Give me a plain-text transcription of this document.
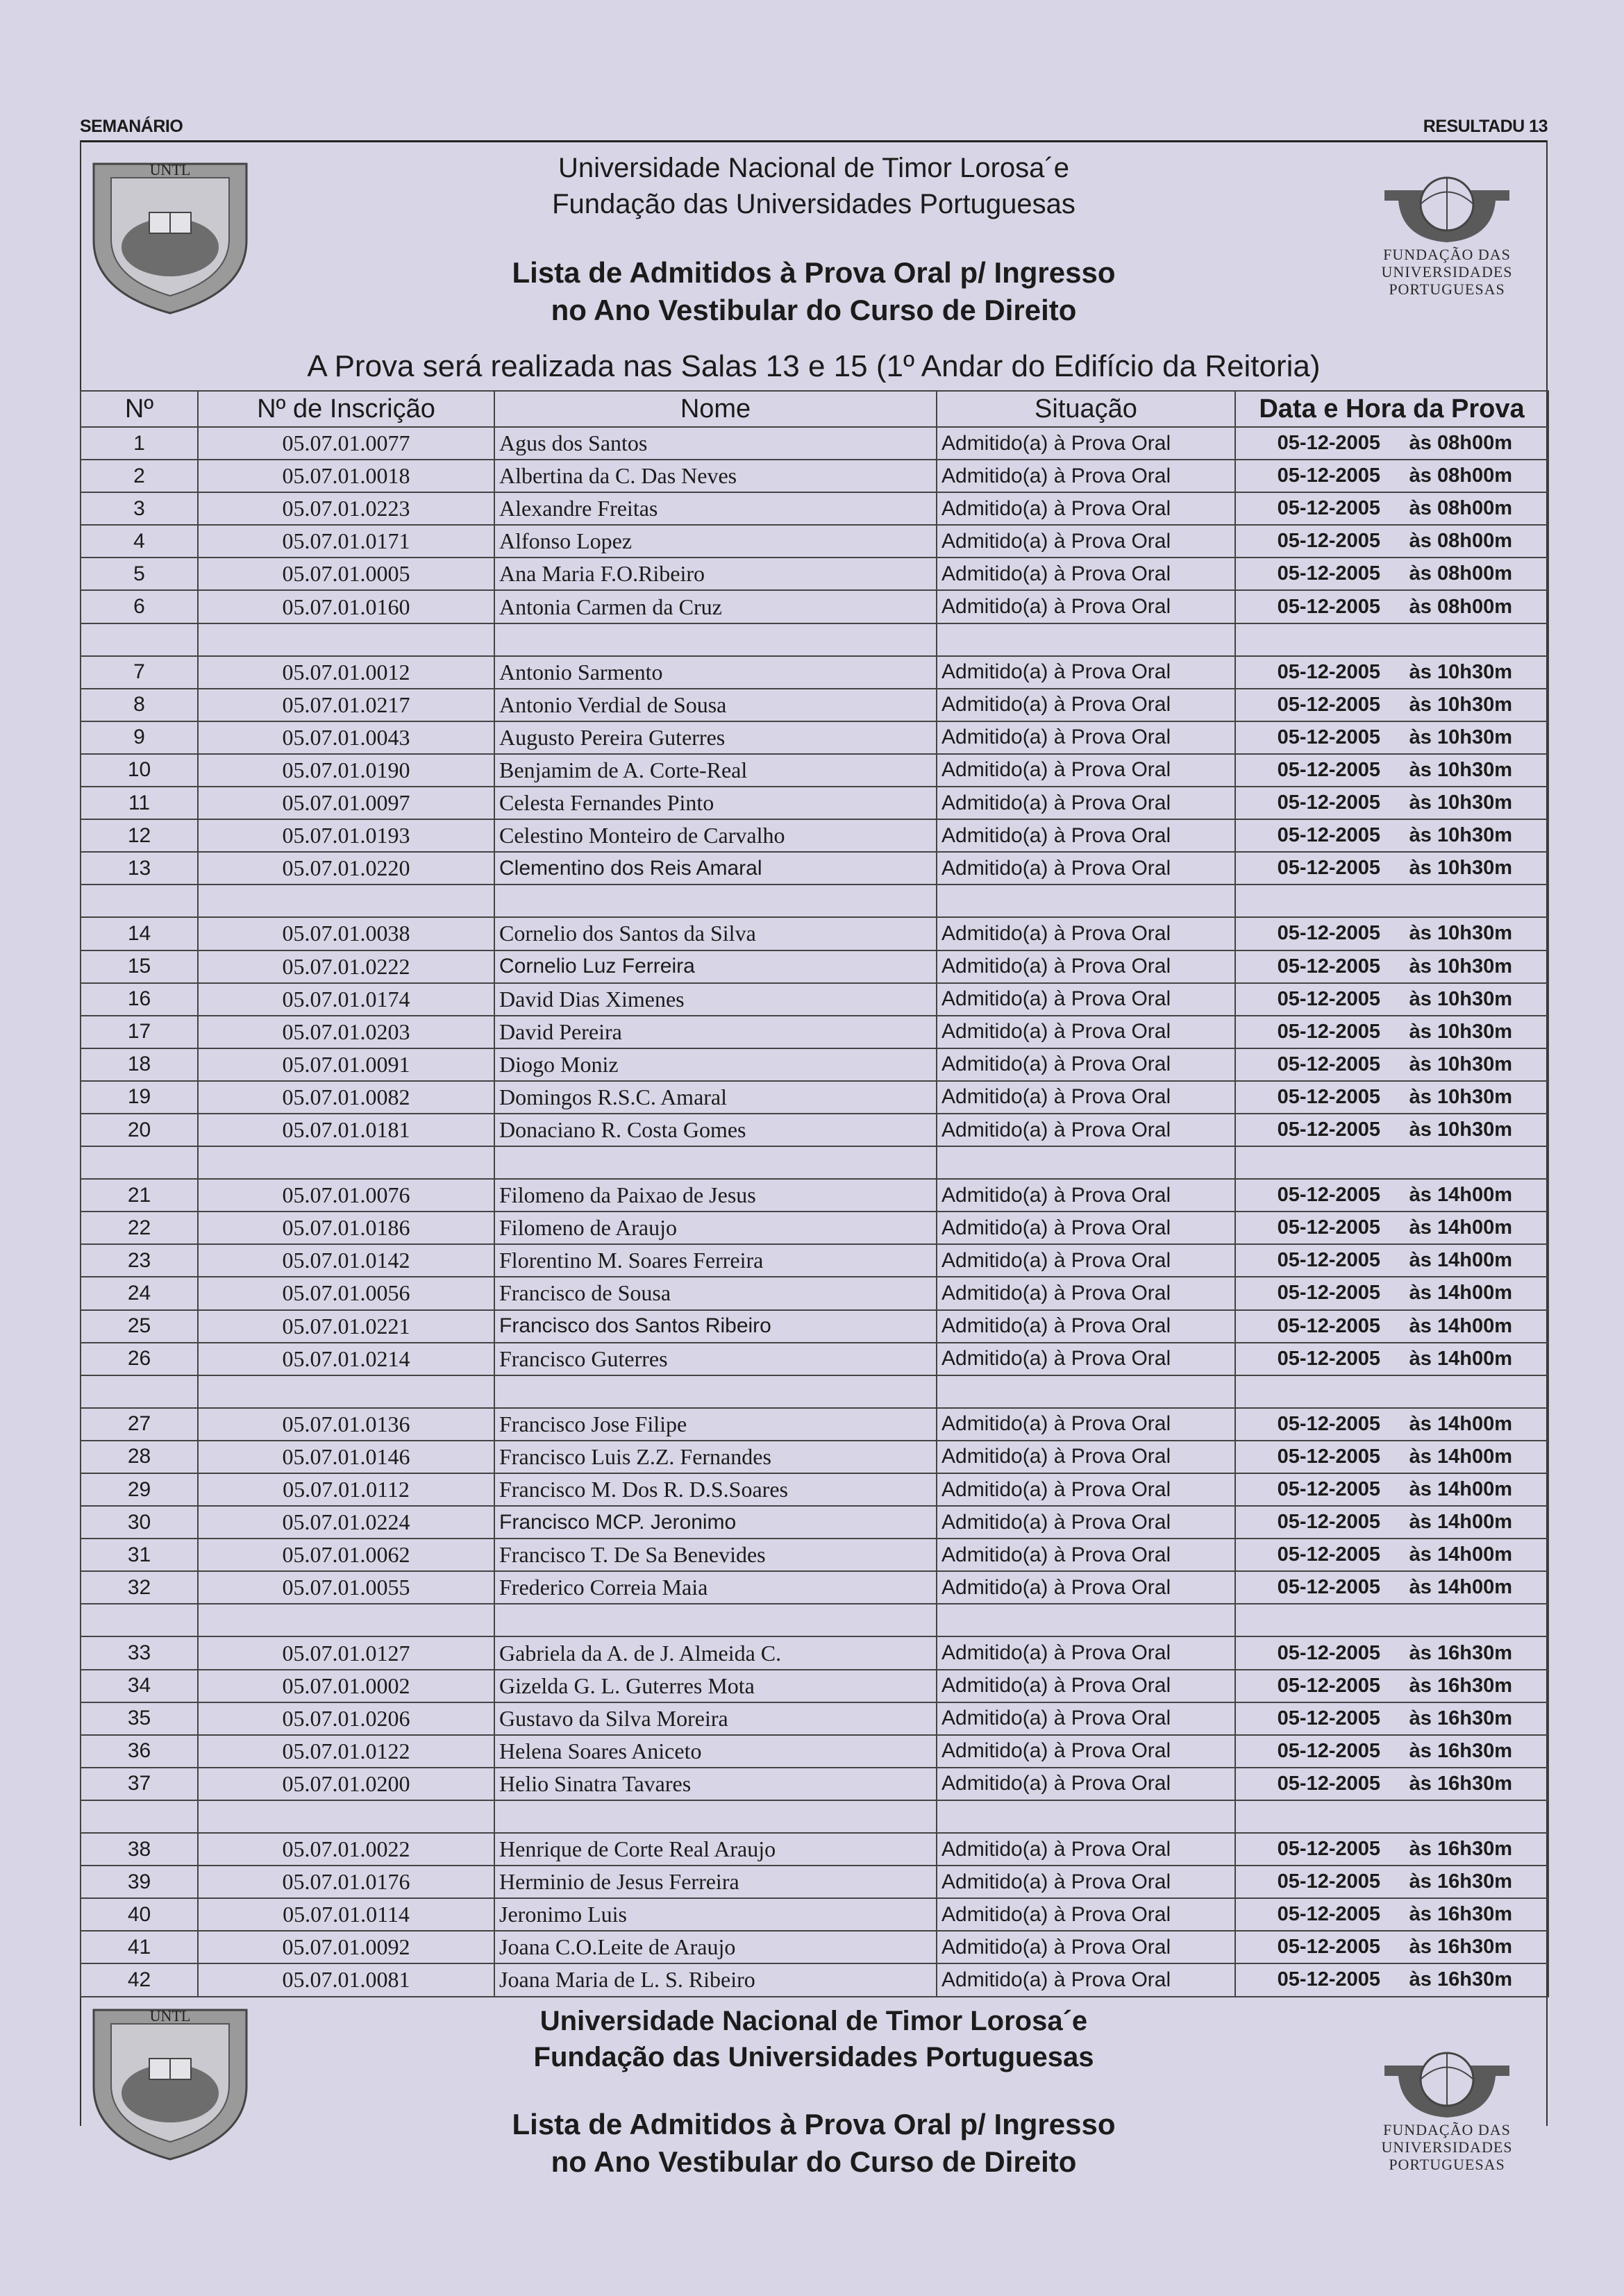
SEMANÁRIO	RESULTADU 13
UNTL	Universidade Nacional de Timor Lorosa´e
Fundação das Universidades Portuguesas
Lista de Admitidos à Prova Oral p/ Ingresso
no Ano Vestibular do Curso de Direito
FUNDAÇÃO DAS
UNIVERSIDADES
PORTUGUESAS
A Prova será realizada nas Salas 13 e 15 (1º Andar do Edifício da Reitoria)
Nº	Nº de Inscrição	Nome	Situação	Data e Hora da Prova
1	05.07.01.0077	Agus dos Santos	Admitido(a) à Prova Oral	05-12-2005 às 08h00m
2	05.07.01.0018	Albertina da C. Das Neves	Admitido(a) à Prova Oral	05-12-2005 às 08h00m
3	05.07.01.0223	Alexandre Freitas	Admitido(a) à Prova Oral	05-12-2005 às 08h00m
4	05.07.01.0171	Alfonso Lopez	Admitido(a) à Prova Oral	05-12-2005 às 08h00m
5	05.07.01.0005	Ana Maria F.O.Ribeiro	Admitido(a) à Prova Oral	05-12-2005 às 08h00m
6	05.07.01.0160	Antonia Carmen da Cruz	Admitido(a) à Prova Oral	05-12-2005 às 08h00m

7	05.07.01.0012	Antonio Sarmento	Admitido(a) à Prova Oral	05-12-2005 às 10h30m
8	05.07.01.0217	Antonio Verdial de Sousa	Admitido(a) à Prova Oral	05-12-2005 às 10h30m
9	05.07.01.0043	Augusto Pereira Guterres	Admitido(a) à Prova Oral	05-12-2005 às 10h30m
10	05.07.01.0190	Benjamim de A. Corte-Real	Admitido(a) à Prova Oral	05-12-2005 às 10h30m
11	05.07.01.0097	Celesta Fernandes Pinto	Admitido(a) à Prova Oral	05-12-2005 às 10h30m
12	05.07.01.0193	Celestino Monteiro de Carvalho	Admitido(a) à Prova Oral	05-12-2005 às 10h30m
13	05.07.01.0220	Clementino dos Reis Amaral	Admitido(a) à Prova Oral	05-12-2005 às 10h30m

14	05.07.01.0038	Cornelio dos Santos da Silva	Admitido(a) à Prova Oral	05-12-2005 às 10h30m
15	05.07.01.0222	Cornelio Luz Ferreira	Admitido(a) à Prova Oral	05-12-2005 às 10h30m
16	05.07.01.0174	David Dias Ximenes	Admitido(a) à Prova Oral	05-12-2005 às 10h30m
17	05.07.01.0203	David Pereira	Admitido(a) à Prova Oral	05-12-2005 às 10h30m
18	05.07.01.0091	Diogo Moniz	Admitido(a) à Prova Oral	05-12-2005 às 10h30m
19	05.07.01.0082	Domingos R.S.C. Amaral	Admitido(a) à Prova Oral	05-12-2005 às 10h30m
20	05.07.01.0181	Donaciano R. Costa Gomes	Admitido(a) à Prova Oral	05-12-2005 às 10h30m

21	05.07.01.0076	Filomeno da Paixao de Jesus	Admitido(a) à Prova Oral	05-12-2005 às 14h00m
22	05.07.01.0186	Filomeno de Araujo	Admitido(a) à Prova Oral	05-12-2005 às 14h00m
23	05.07.01.0142	Florentino M. Soares Ferreira	Admitido(a) à Prova Oral	05-12-2005 às 14h00m
24	05.07.01.0056	Francisco de Sousa	Admitido(a) à Prova Oral	05-12-2005 às 14h00m
25	05.07.01.0221	Francisco dos Santos Ribeiro	Admitido(a) à Prova Oral	05-12-2005 às 14h00m
26	05.07.01.0214	Francisco Guterres	Admitido(a) à Prova Oral	05-12-2005 às 14h00m

27	05.07.01.0136	Francisco Jose Filipe	Admitido(a) à Prova Oral	05-12-2005 às 14h00m
28	05.07.01.0146	Francisco Luis Z.Z. Fernandes	Admitido(a) à Prova Oral	05-12-2005 às 14h00m
29	05.07.01.0112	Francisco M. Dos R. D.S.Soares	Admitido(a) à Prova Oral	05-12-2005 às 14h00m
30	05.07.01.0224	Francisco MCP. Jeronimo	Admitido(a) à Prova Oral	05-12-2005 às 14h00m
31	05.07.01.0062	Francisco T. De Sa Benevides	Admitido(a) à Prova Oral	05-12-2005 às 14h00m
32	05.07.01.0055	Frederico Correia Maia	Admitido(a) à Prova Oral	05-12-2005 às 14h00m

33	05.07.01.0127	Gabriela da A. de J. Almeida C.	Admitido(a) à Prova Oral	05-12-2005 às 16h30m
34	05.07.01.0002	Gizelda G. L. Guterres Mota	Admitido(a) à Prova Oral	05-12-2005 às 16h30m
35	05.07.01.0206	Gustavo da Silva Moreira	Admitido(a) à Prova Oral	05-12-2005 às 16h30m
36	05.07.01.0122	Helena Soares Aniceto	Admitido(a) à Prova Oral	05-12-2005 às 16h30m
37	05.07.01.0200	Helio Sinatra Tavares	Admitido(a) à Prova Oral	05-12-2005 às 16h30m

38	05.07.01.0022	Henrique de Corte Real Araujo	Admitido(a) à Prova Oral	05-12-2005 às 16h30m
39	05.07.01.0176	Herminio de Jesus Ferreira	Admitido(a) à Prova Oral	05-12-2005 às 16h30m
40	05.07.01.0114	Jeronimo Luis	Admitido(a) à Prova Oral	05-12-2005 às 16h30m
41	05.07.01.0092	Joana C.O.Leite de Araujo	Admitido(a) à Prova Oral	05-12-2005 às 16h30m
42	05.07.01.0081	Joana Maria de L. S. Ribeiro	Admitido(a) à Prova Oral	05-12-2005 às 16h30m
UNTL	Universidade Nacional de Timor Lorosa´e
Fundação das Universidades Portuguesas
Lista de Admitidos à Prova Oral p/ Ingresso
no Ano Vestibular do Curso de Direito
FUNDAÇÃO DAS
UNIVERSIDADES
PORTUGUESAS
